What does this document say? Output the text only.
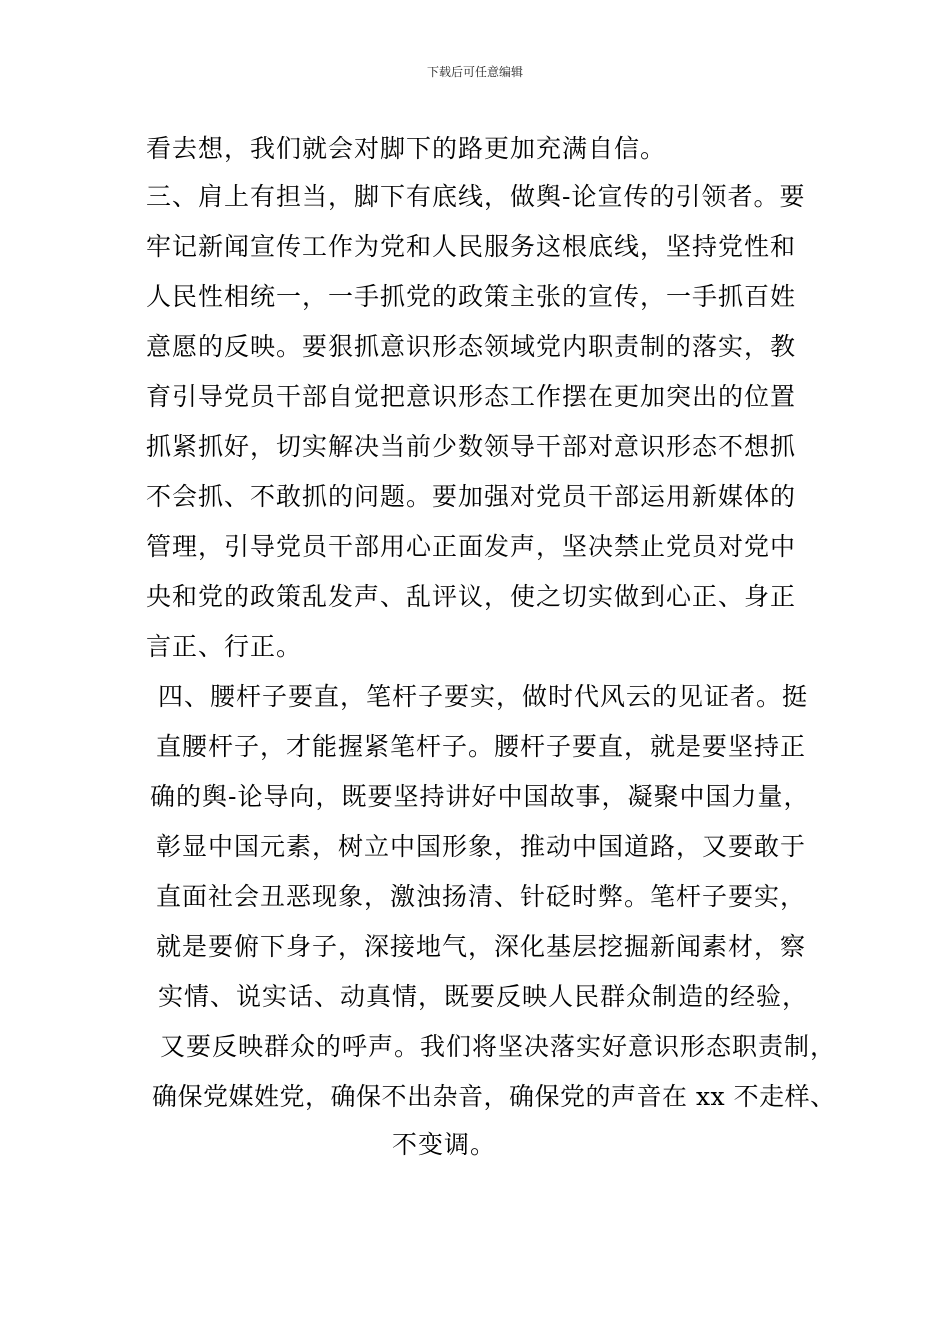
下载后可任意编辑
看去想，我们就会对脚下的路更加充满自信。
三、肩上有担当，脚下有底线，做舆-论宣传的引领者。要
牢记新闻宣传工作为党和人民服务这根底线，坚持党性和
人民性相统一，一手抓党的政策主张的宣传，一手抓百姓
意愿的反映。要狠抓意识形态领域党内职责制的落实，教
育引导党员干部自觉把意识形态工作摆在更加突出的位置
抓紧抓好，切实解决当前少数领导干部对意识形态不想抓
不会抓、不敢抓的问题。要加强对党员干部运用新媒体的
管理，引导党员干部用心正面发声，坚决禁止党员对党中
央和党的政策乱发声、乱评议，使之切实做到心正、身正
言正、行正。
四、腰杆子要直，笔杆子要实，做时代风云的见证者。挺
直腰杆子，才能握紧笔杆子。腰杆子要直，就是要坚持正
确的舆-论导向，既要坚持讲好中国故事，凝聚中国力量，
彰显中国元素，树立中国形象，推动中国道路，又要敢于
直面社会丑恶现象，激浊扬清、针砭时弊。笔杆子要实，
就是要俯下身子，深接地气，深化基层挖掘新闻素材，察
实情、说实话、动真情，既要反映人民群众制造的经验，
又要反映群众的呼声。我们将坚决落实好意识形态职责制，
确保党媒姓党，确保不出杂音，确保党的声音在 xx 不走样、
不变调。
